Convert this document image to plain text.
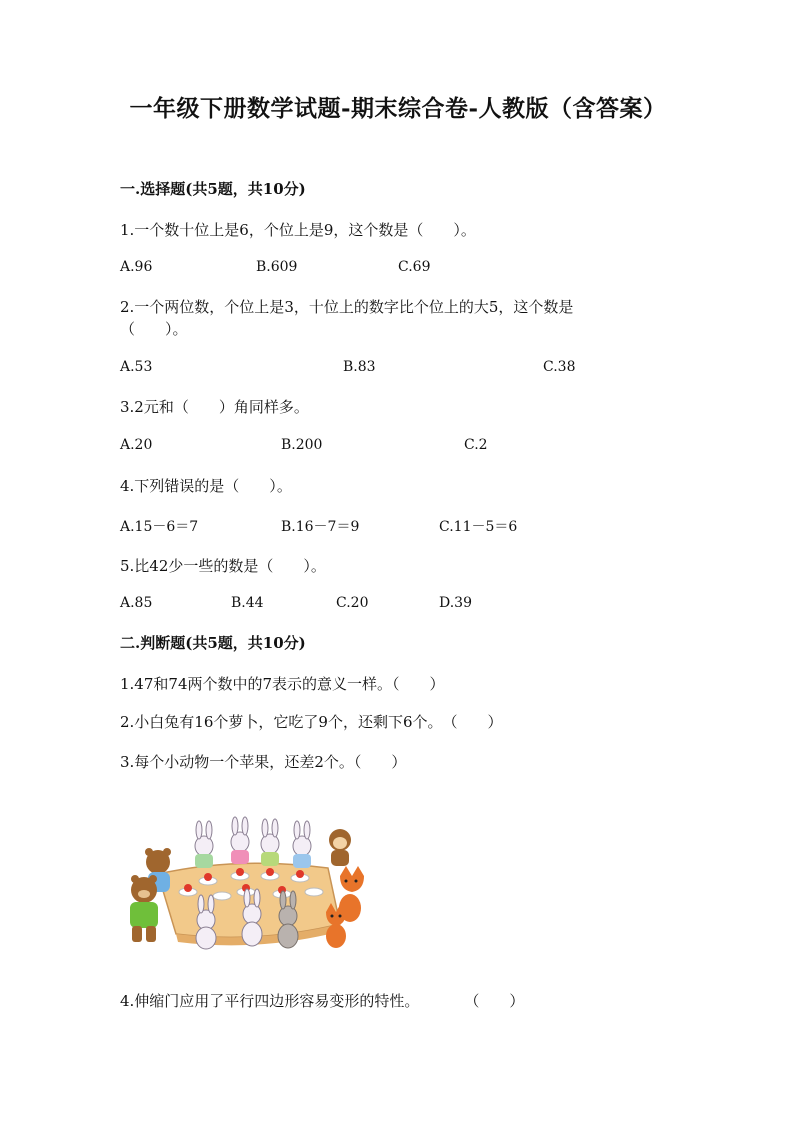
一年级下册数学试题-期末综合卷-人教版（含答案）
一.选择题(共5题，共10分)
1.一个数十位上是6，个位上是9，这个数是（　　）。
A.96	B.609	C.69
2.一个两位数，个位上是3，十位上的数字比个位上的大5，这个数是（　　）。
A.53	B.83	C.38
3.2元和（　　）角同样多。
A.20	B.200	C.2
4.下列错误的是（　　）。
A.15－6＝7	B.16－7＝9	C.11－5＝6
5.比42少一些的数是（　　）。
A.85	B.44	C.20	D.39
二.判断题(共5题，共10分)
1.47和74两个数中的7表示的意义一样。（　　）
2.小白兔有16个萝卜，它吃了9个，还剩下6个。　（　　）
3.每个小动物一个苹果，还差2个。（　　）
4.伸缩门应用了平行四边形容易变形的特性。　　　　（　　）
